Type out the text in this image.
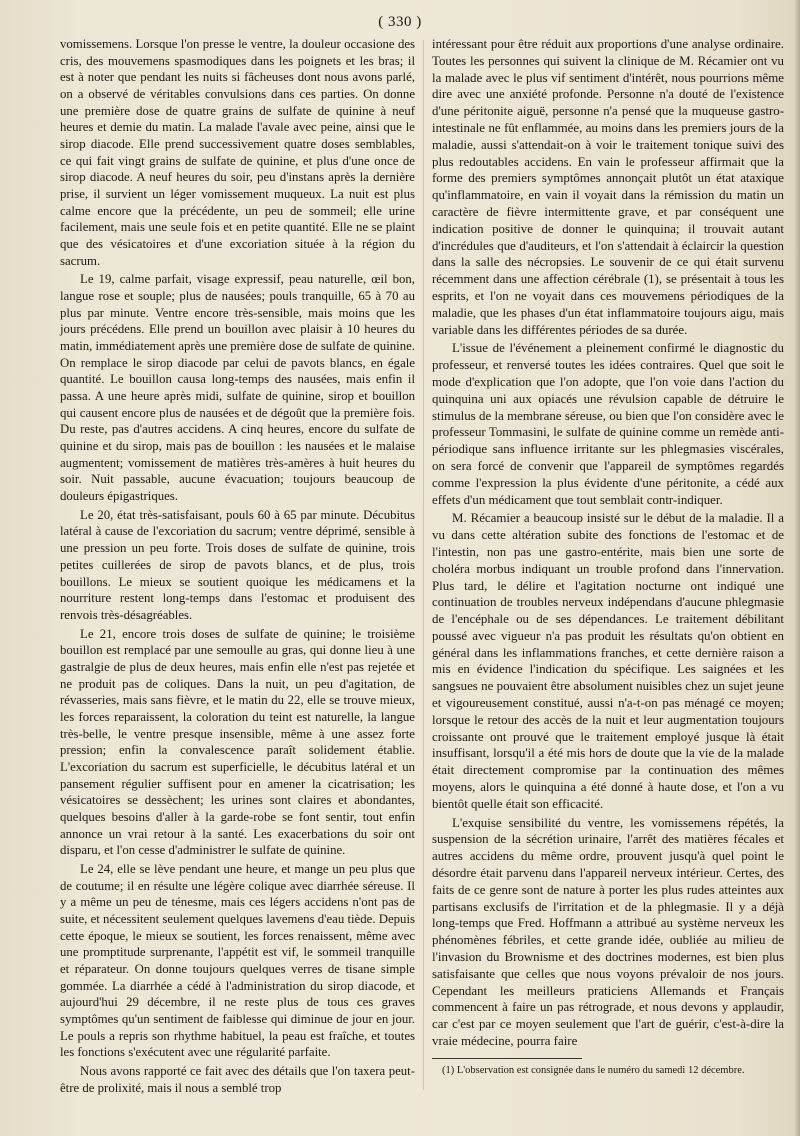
( 330 )

vomissemens. Lorsque l'on presse le ventre, la douleur occasione des cris, des mouvemens spasmodiques dans les poignets et les bras; il est à noter que pendant les nuits si fâcheuses dont nous avons parlé, on a observé de véritables convulsions dans ces parties. On donne une première dose de quatre grains de sulfate de quinine à neuf heures et demie du matin. La malade l'avale avec peine, ainsi que le sirop diacode. Elle prend successivement quatre doses semblables, ce qui fait vingt grains de sulfate de quinine, et plus d'une once de sirop diacode. A neuf heures du soir, peu d'instans après la dernière prise, il survient un léger vomissement muqueux. La nuit est plus calme encore que la précédente, un peu de sommeil; elle urine facilement, mais une seule fois et en petite quantité. Elle ne se plaint que des vésicatoires et d'une excoriation située à la région du sacrum.

Le 19, calme parfait, visage expressif, peau naturelle, œil bon, langue rose et souple; plus de nausées; pouls tranquille, 65 à 70 au plus par minute. Ventre encore très-sensible, mais moins que les jours précédens. Elle prend un bouillon avec plaisir à 10 heures du matin, immédiatement après une première dose de sulfate de quinine. On remplace le sirop diacode par celui de pavots blancs, en égale quantité. Le bouillon causa long-temps des nausées, mais enfin il passa. A une heure après midi, sulfate de quinine, sirop et bouillon qui causent encore plus de nausées et de dégoût que la première fois. Du reste, pas d'autres accidens. A cinq heures, encore du sulfate de quinine et du sirop, mais pas de bouillon : les nausées et le malaise augmentent; vomissement de matières très-amères à huit heures du soir. Nuit passable, aucune évacuation; toujours beaucoup de douleurs épigastriques.

Le 20, état très-satisfaisant, pouls 60 à 65 par minute. Décubitus latéral à cause de l'excoriation du sacrum; ventre déprimé, sensible à une pression un peu forte. Trois doses de sulfate de quinine, trois petites cuillerées de sirop de pavots blancs, et de plus, trois bouillons. Le mieux se soutient quoique les médicamens et la nourriture restent long-temps dans l'estomac et produisent des renvois très-désagréables.

Le 21, encore trois doses de sulfate de quinine; le troisième bouillon est remplacé par une semoulle au gras, qui donne lieu à une gastralgie de plus de deux heures, mais enfin elle n'est pas rejetée et ne produit pas de coliques. Dans la nuit, un peu d'agitation, de révasseries, mais sans fièvre, et le matin du 22, elle se trouve mieux, les forces reparaissent, la coloration du teint est naturelle, la langue très-belle, le ventre presque insensible, même à une assez forte pression; enfin la convalescence paraît solidement établie. L'excoriation du sacrum est superficielle, le décubitus latéral et un pansement régulier suffisent pour en amener la cicatrisation; les vésicatoires se dessèchent; les urines sont claires et abondantes, quelques besoins d'aller à la garde-robe se font sentir, tout enfin annonce un vrai retour à la santé. Les exacerbations du soir ont disparu, et l'on cesse d'administrer le sulfate de quinine.

Le 24, elle se lève pendant une heure, et mange un peu plus que de coutume; il en résulte une légère colique avec diarrhée séreuse. Il y a même un peu de ténesme, mais ces légers accidens n'ont pas de suite, et nécessitent seulement quelques lavemens d'eau tiède. Depuis cette époque, le mieux se soutient, les forces renaissent, même avec une promptitude surprenante, l'appétit est vif, le sommeil tranquille et réparateur. On donne toujours quelques verres de tisane simple gommée. La diarrhée a cédé à l'administration du sirop diacode, et aujourd'hui 29 décembre, il ne reste plus de tous ces graves symptômes qu'un sentiment de faiblesse qui diminue de jour en jour. Le pouls a repris son rhythme habituel, la peau est fraîche, et toutes les fonctions s'exécutent avec une régularité parfaite.

Nous avons rapporté ce fait avec des détails que l'on taxera peut-être de prolixité, mais il nous a semblé trop

intéressant pour être réduit aux proportions d'une analyse ordinaire. Toutes les personnes qui suivent la clinique de M. Récamier ont vu la malade avec le plus vif sentiment d'intérêt, nous pourrions même dire avec une anxiété profonde. Personne n'a douté de l'existence d'une péritonite aiguë, personne n'a pensé que la muqueuse gastro-intestinale ne fût enflammée, au moins dans les premiers jours de la maladie, aussi s'attendait-on à voir le traitement tonique suivi des plus redoutables accidens. En vain le professeur affirmait que la forme des premiers symptômes annonçait plutôt un état ataxique qu'inflammatoire, en vain il voyait dans la rémission du matin un caractère de fièvre intermittente grave, et par conséquent une indication positive de donner le quinquina; il trouvait autant d'incrédules que d'auditeurs, et l'on s'attendait à éclaircir la question dans la salle des nécropsies. Le souvenir de ce qui était survenu récemment dans une affection cérébrale (1), se présentait à tous les esprits, et l'on ne voyait dans ces mouvemens périodiques de la maladie, que les phases d'un état inflammatoire toujours aigu, mais variable dans les différentes périodes de sa durée.

L'issue de l'événement a pleinement confirmé le diagnostic du professeur, et renversé toutes les idées contraires. Quel que soit le mode d'explication que l'on adopte, que l'on voie dans l'action du quinquina uni aux opiacés une révulsion capable de détruire le stimulus de la membrane séreuse, ou bien que l'on considère avec le professeur Tommasini, le sulfate de quinine comme un remède anti-périodique sans influence irritante sur les phlegmasies viscérales, on sera forcé de convenir que l'appareil de symptômes regardés comme l'expression la plus évidente d'une péritonite, a cédé aux effets d'un médicament que tout semblait contr-indiquer.

M. Récamier a beaucoup insisté sur le début de la maladie. Il a vu dans cette altération subite des fonctions de l'estomac et de l'intestin, non pas une gastro-entérite, mais bien une sorte de choléra morbus indiquant un trouble profond dans l'innervation. Plus tard, le délire et l'agitation nocturne ont indiqué une continuation de troubles nerveux indépendans d'aucune phlegmasie de l'encéphale ou de ses dépendances. Le traitement débilitant poussé avec vigueur n'a pas produit les résultats qu'on obtient en général dans les inflammations franches, et cette dernière raison a mis en évidence l'indication du spécifique. Les saignées et les sangsues ne pouvaient être absolument nuisibles chez un sujet jeune et vigoureusement constitué, aussi n'a-t-on pas ménagé ce moyen; lorsque le retour des accès de la nuit et leur augmentation toujours croissante ont prouvé que le traitement employé jusque là était insuffisant, lorsqu'il a été mis hors de doute que la vie de la malade était directement compromise par la continuation des mêmes moyens, alors le quinquina a été donné à haute dose, et l'on a vu bientôt quelle était son efficacité.

L'exquise sensibilité du ventre, les vomissemens répétés, la suspension de la sécrétion urinaire, l'arrêt des matières fécales et autres accidens du même ordre, prouvent jusqu'à quel point le désordre était parvenu dans l'appareil nerveux intérieur. Certes, des faits de ce genre sont de nature à porter les plus rudes atteintes aux partisans exclusifs de l'irritation et de la phlegmasie. Il y a déjà long-temps que Fred. Hoffmann a attribué au système nerveux les phénomènes fébriles, et cette grande idée, oubliée au milieu de l'invasion du Brownisme et des doctrines modernes, est bien plus satisfaisante que celles que nous voyons prévaloir de nos jours. Cependant les meilleurs praticiens Allemands et Français commencent à faire un pas rétrograde, et nous devons y applaudir, car c'est par ce moyen seulement que l'art de guérir, c'est-à-dire la vraie médecine, pourra faire

(1) L'observation est consignée dans le numéro du samedi 12 décembre.
